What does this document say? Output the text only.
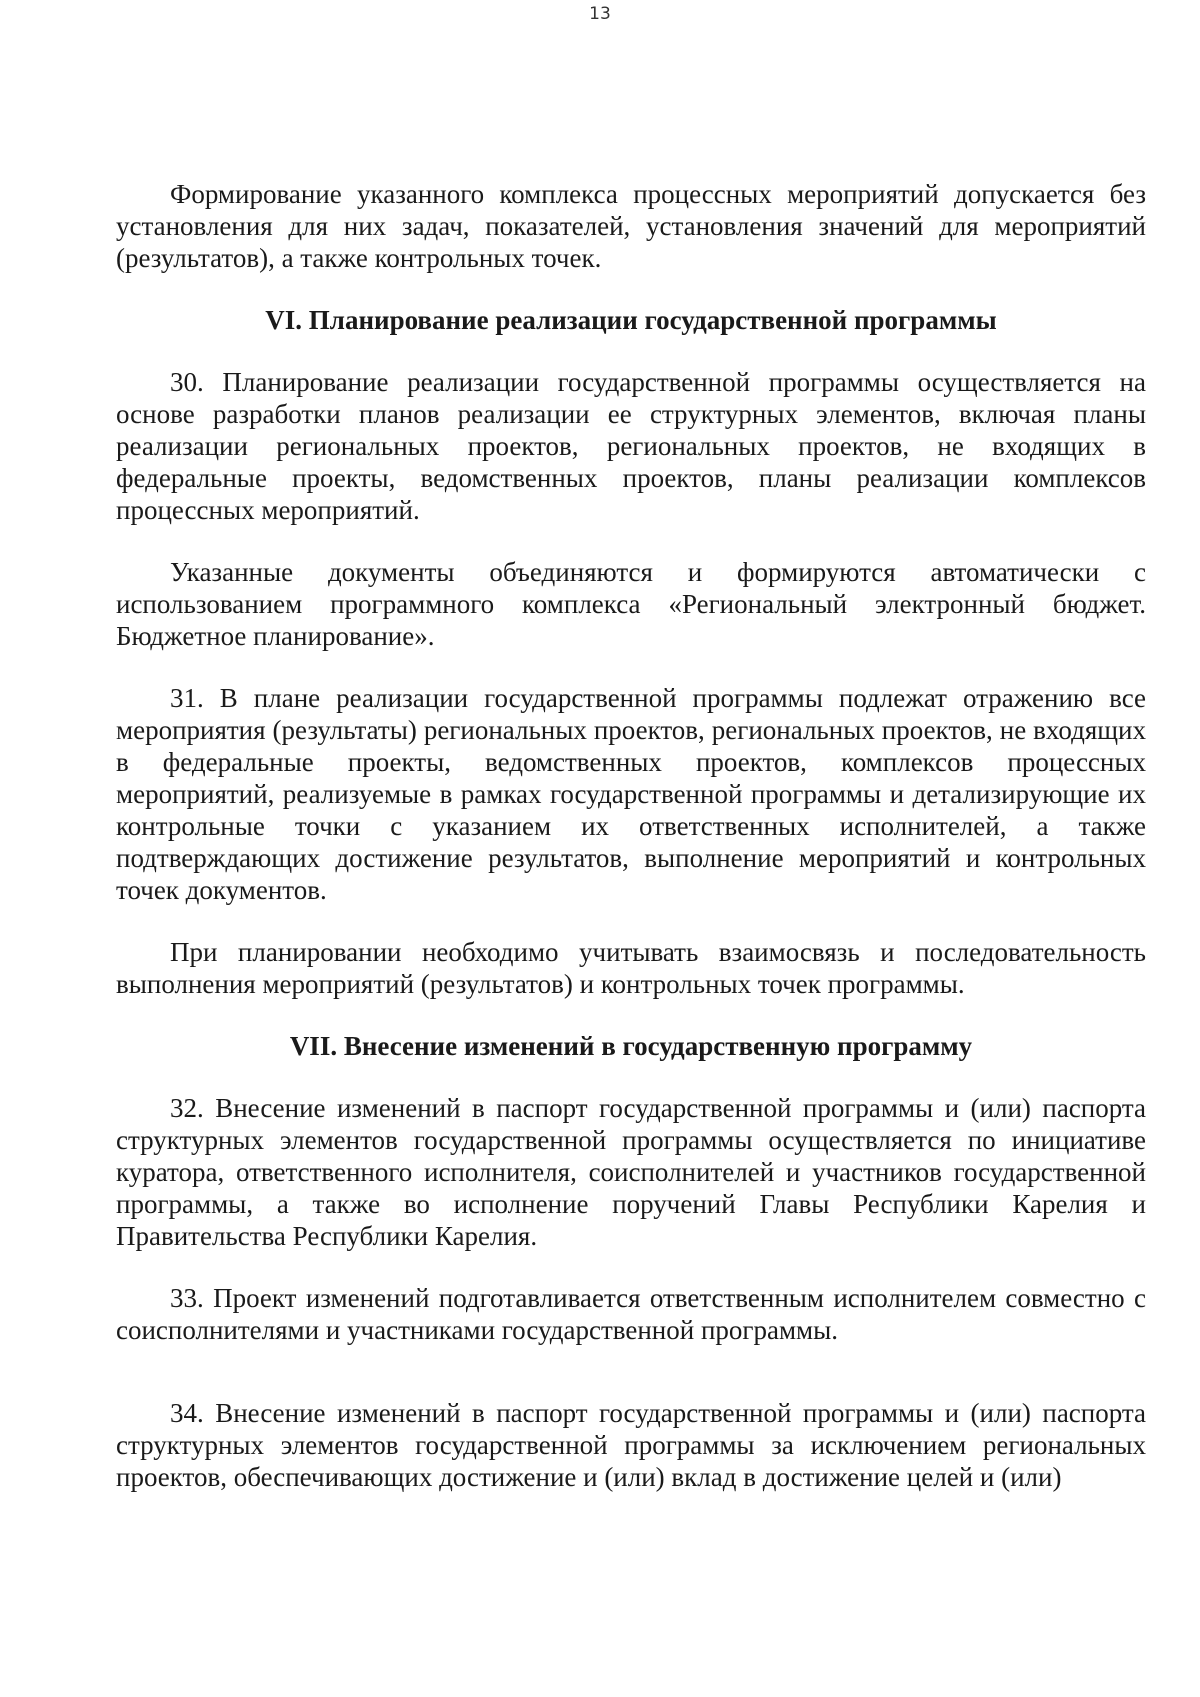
13

Формирование указанного комплекса процессных мероприятий допускается без установления для них задач, показателей, установления значений для мероприятий (результатов), а также контрольных точек.

VI. Планирование реализации государственной программы

30. Планирование реализации государственной программы осуществляется на основе разработки планов реализации ее структурных элементов, включая планы реализации региональных проектов, региональных проектов, не входящих в федеральные проекты, ведомственных проектов, планы реализации комплексов процессных мероприятий.

Указанные документы объединяются и формируются автоматически с использованием программного комплекса «Региональный электронный бюджет. Бюджетное планирование».

31. В плане реализации государственной программы подлежат отражению все мероприятия (результаты) региональных проектов, региональных проектов, не входящих в федеральные проекты, ведомственных проектов, комплексов процессных мероприятий, реализуемые в рамках государственной программы и детализирующие их контрольные точки с указанием их ответственных исполнителей, а также подтверждающих достижение результатов, выполнение мероприятий и контрольных точек документов.

При планировании необходимо учитывать взаимосвязь и последовательность выполнения мероприятий (результатов) и контрольных точек программы.

VII. Внесение изменений в государственную программу

32. Внесение изменений в паспорт государственной программы и (или) паспорта структурных элементов государственной программы осуществляется по инициативе куратора, ответственного исполнителя, соисполнителей и участников государственной программы, а также во исполнение поручений Главы Республики Карелия и Правительства Республики Карелия.

33. Проект изменений подготавливается ответственным исполнителем совместно с соисполнителями и участниками государственной программы.

34. Внесение изменений в паспорт государственной программы и (или) паспорта структурных элементов государственной программы за исключением региональных проектов, обеспечивающих достижение и (или) вклад в достижение целей и (или)
